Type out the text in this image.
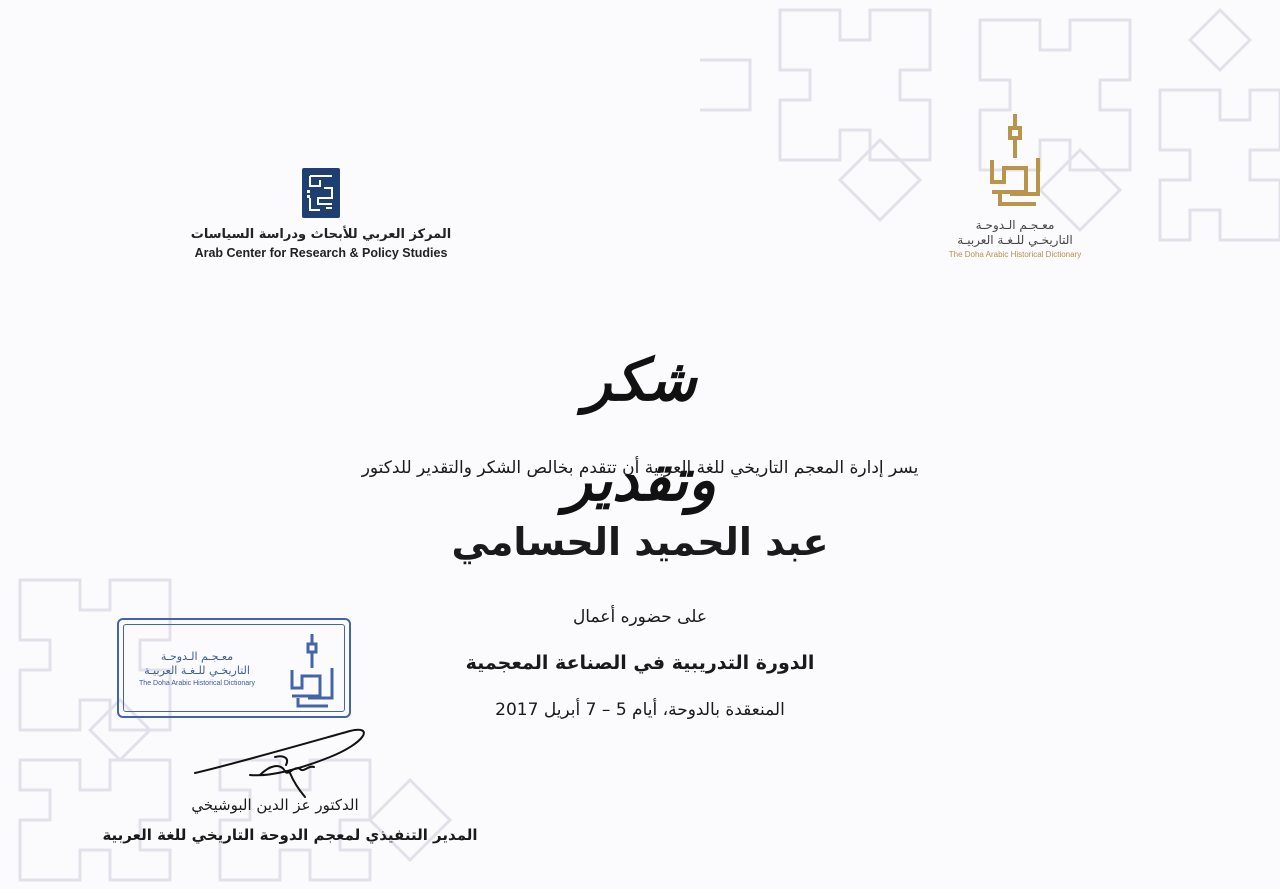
المركز العربي للأبحاث ودراسة السياسات

Arab Center for Research & Policy Studies

معـجـم الـدوحـة

التاريخـي للـغـة العربيـة

The Doha Arabic Historical Dictionary

شكر وتقدير
يسر إدارة المعجم التاريخي للغة العربية أن تتقدم بخالص الشكر والتقدير للدكتور
عبد الحميد الحسامي
على حضوره أعمال
الدورة التدريبية في الصناعة المعجمية
المنعقدة بالدوحة، أيام 5 – 7 أبريل 2017

معـجـم الـدوحـة

التاريخـي للـغـة العربيـة

The Doha Arabic Historical Dictionary

الدكتور عز الدين البوشيخي
المدير التنفيذي لمعجم الدوحة التاريخي للغة العربية
